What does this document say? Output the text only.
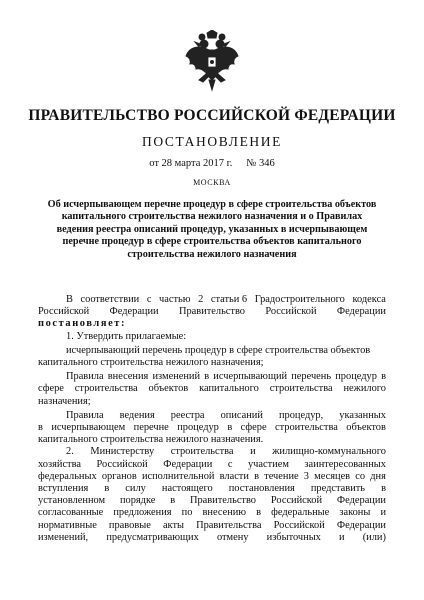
ПРАВИТЕЛЬСТВО РОССИЙСКОЙ ФЕДЕРАЦИИ
ПОСТАНОВЛЕНИЕ
от 28 марта 2017 г. № 346
МОСКВА
Об исчерпывающем перечне процедур в сфере строительства объектов
капитального строительства нежилого назначения и о Правилах
ведения реестра описаний процедур, указанных в исчерпывающем
перечне процедур в сфере строительства объектов капитального
строительства нежилого назначения
В соответствии с частью 2 статьи 6 Градостроительного кодекса
Российской Федерации Правительство Российской Федерации
постановляет:
1. Утвердить прилагаемые:
исчерпывающий перечень процедур в сфере строительства объектов
капитального строительства нежилого назначения;
Правила внесения изменений в исчерпывающий перечень процедур в
сфере строительства объектов капитального строительства нежилого
назначения;
Правила ведения реестра описаний процедур, указанных
в исчерпывающем перечне процедур в сфере строительства объектов
капитального строительства нежилого назначения.
2. Министерству строительства и жилищно-коммунального
хозяйства Российской Федерации с участием заинтересованных
федеральных органов исполнительной власти в течение 3 месяцев со дня
вступления в силу настоящего постановления представить в
установленном порядке в Правительство Российской Федерации
согласованные предложения по внесению в федеральные законы и
нормативные правовые акты Правительства Российской Федерации
изменений, предусматривающих отмену избыточных и (или)
